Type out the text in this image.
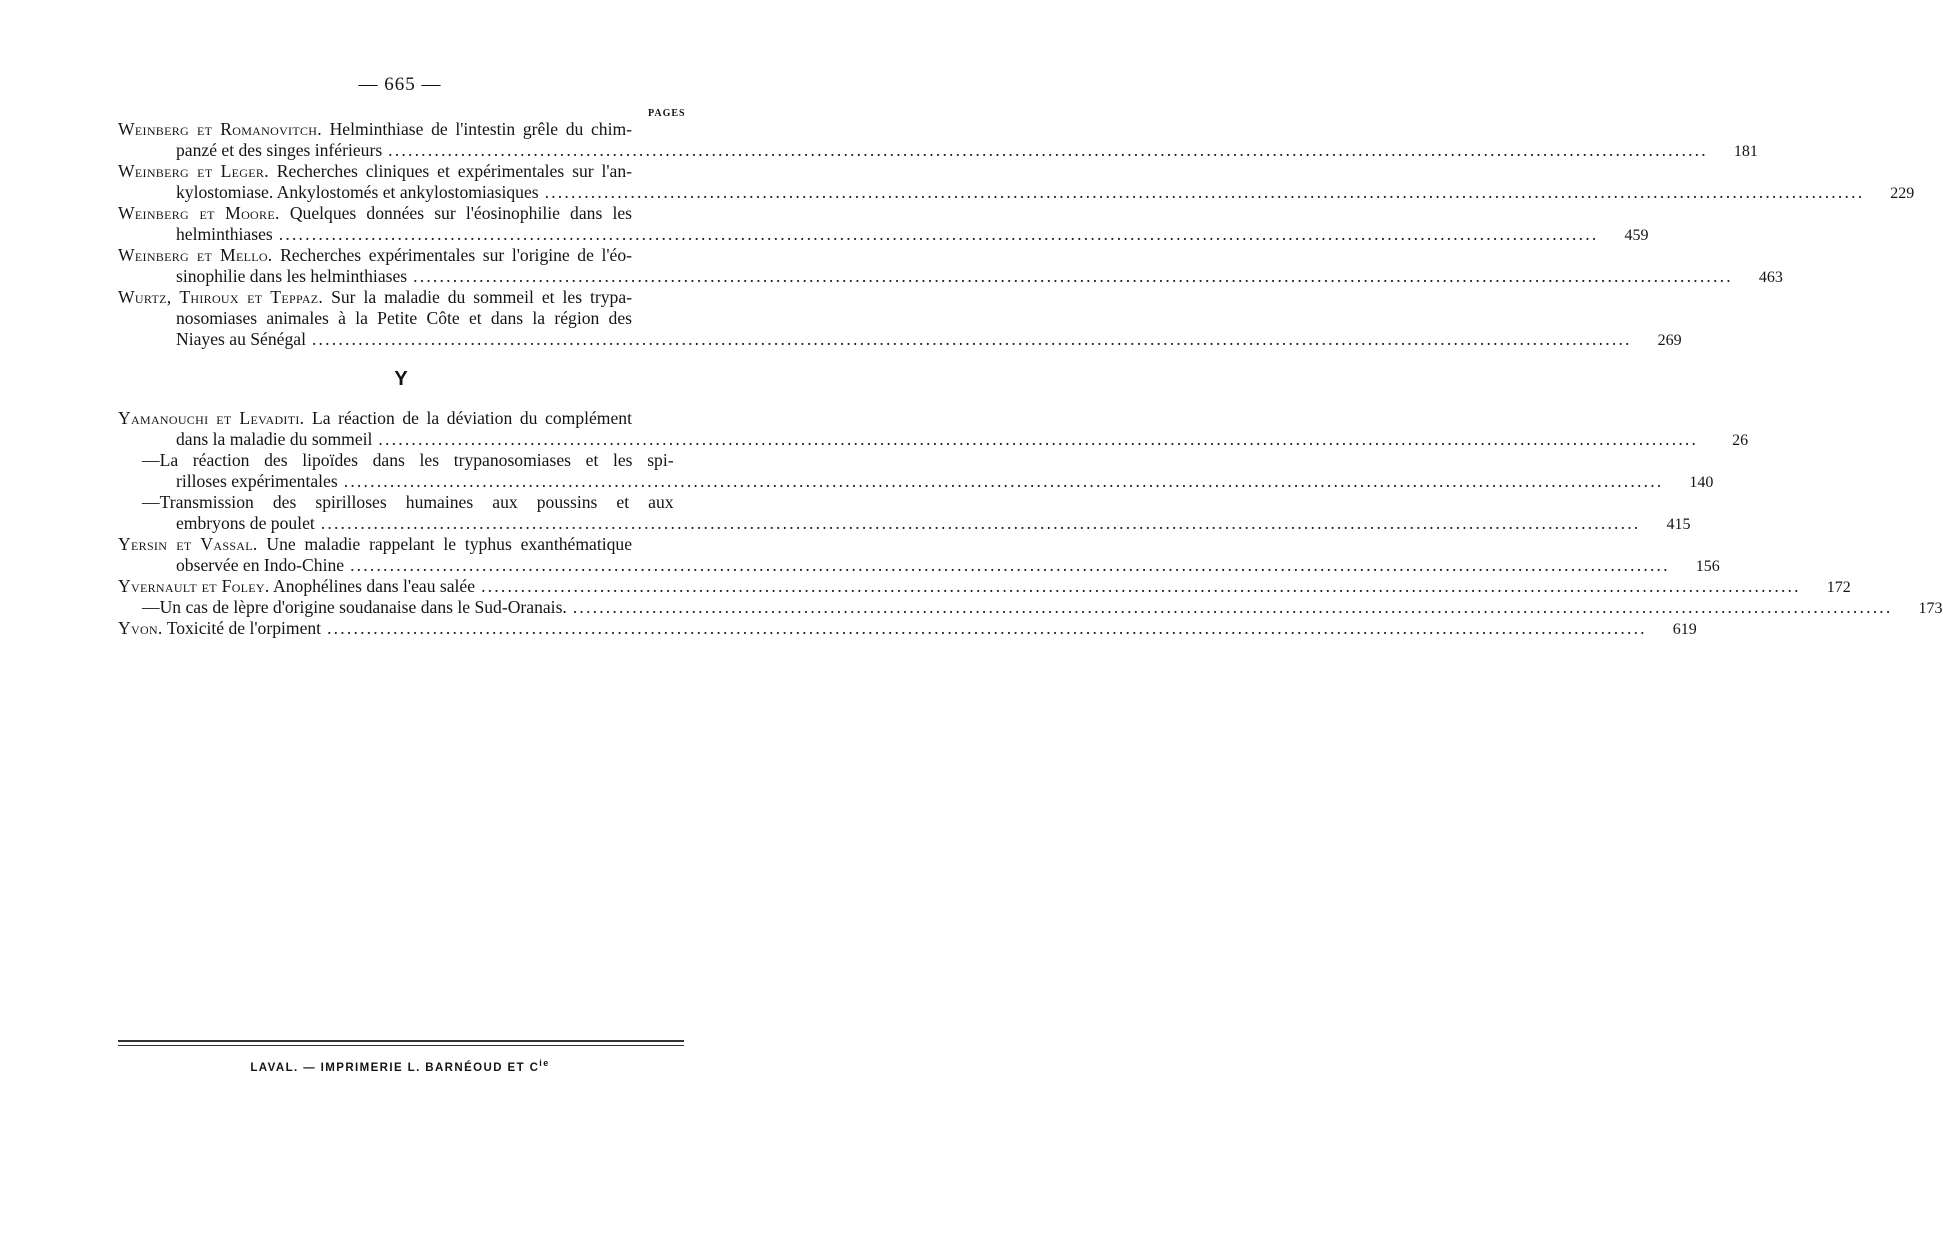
— 665 —
PAGES
Weinberg et Romanovitch. Helminthiase de l'intestin grêle du chim-
panzé et des singes inférieurs ........................................................................................................................................................................................................	181
Weinberg et Leger. Recherches cliniques et expérimentales sur l'an-
kylostomiase. Ankylostomés et ankylostomiasiques ........................................................................................................................................................................................................	229
Weinberg et Moore. Quelques données sur l'éosinophilie dans les
helminthiases ........................................................................................................................................................................................................	459
Weinberg et Mello. Recherches expérimentales sur l'origine de l'éo-
sinophilie dans les helminthiases ........................................................................................................................................................................................................	463
Wurtz, Thiroux et Teppaz. Sur la maladie du sommeil et les trypa-
nosomiases animales à la Petite Côte et dans la région des
Niayes au Sénégal ........................................................................................................................................................................................................	269
Y
Yamanouchi et Levaditi. La réaction de la déviation du complément
dans la maladie du sommeil ........................................................................................................................................................................................................	26
— La réaction des lipoïdes dans les trypanosomiases et les spi-
rilloses expérimentales ........................................................................................................................................................................................................	140
— Transmission des spirilloses humaines aux poussins et aux
embryons de poulet ........................................................................................................................................................................................................	415
Yersin et Vassal. Une maladie rappelant le typhus exanthématique
observée en Indo-Chine ........................................................................................................................................................................................................	156
Yvernault et Foley. Anophélines dans l'eau salée ........................................................................................................................................................................................................	172
— Un cas de lèpre d'origine soudanaise dans le Sud-Oranais. ........................................................................................................................................................................................................	173
Yvon. Toxicité de l'orpiment ........................................................................................................................................................................................................	619
LAVAL. — IMPRIMERIE L. BARNÉOUD ET $C^{ie}$
